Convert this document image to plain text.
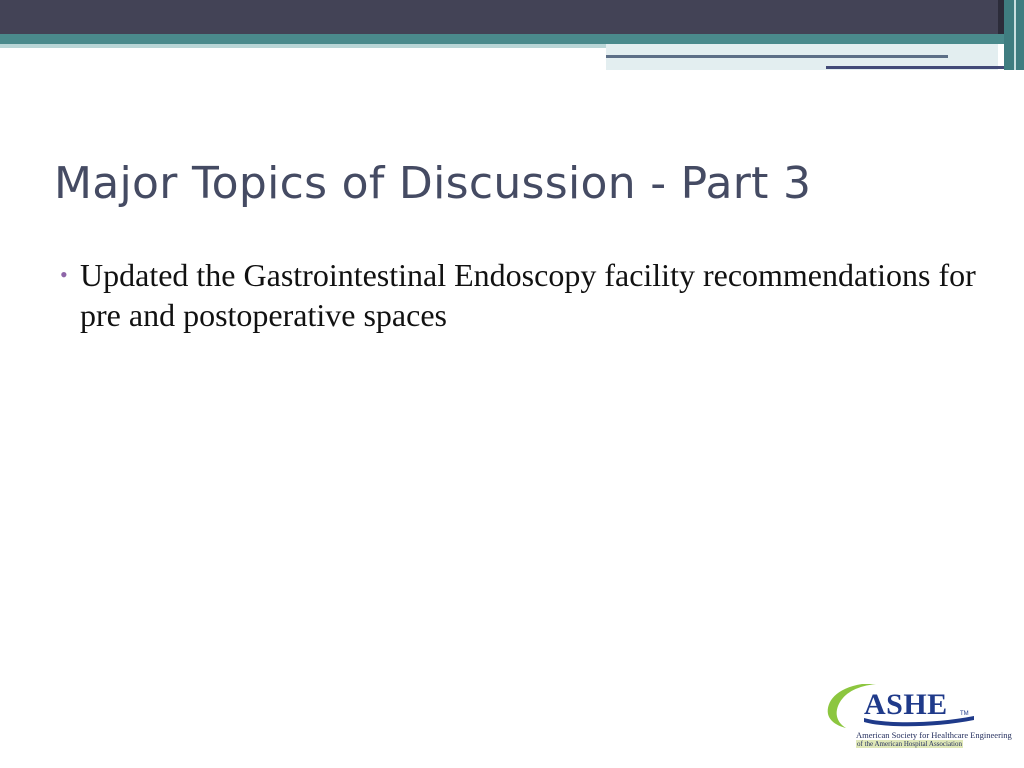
Major Topics of Discussion - Part 3
• Updated the Gastrointestinal Endoscopy facility recommendations for pre and postoperative spaces
ASHE TM
American Society for Healthcare Engineering
of the American Hospital Association
